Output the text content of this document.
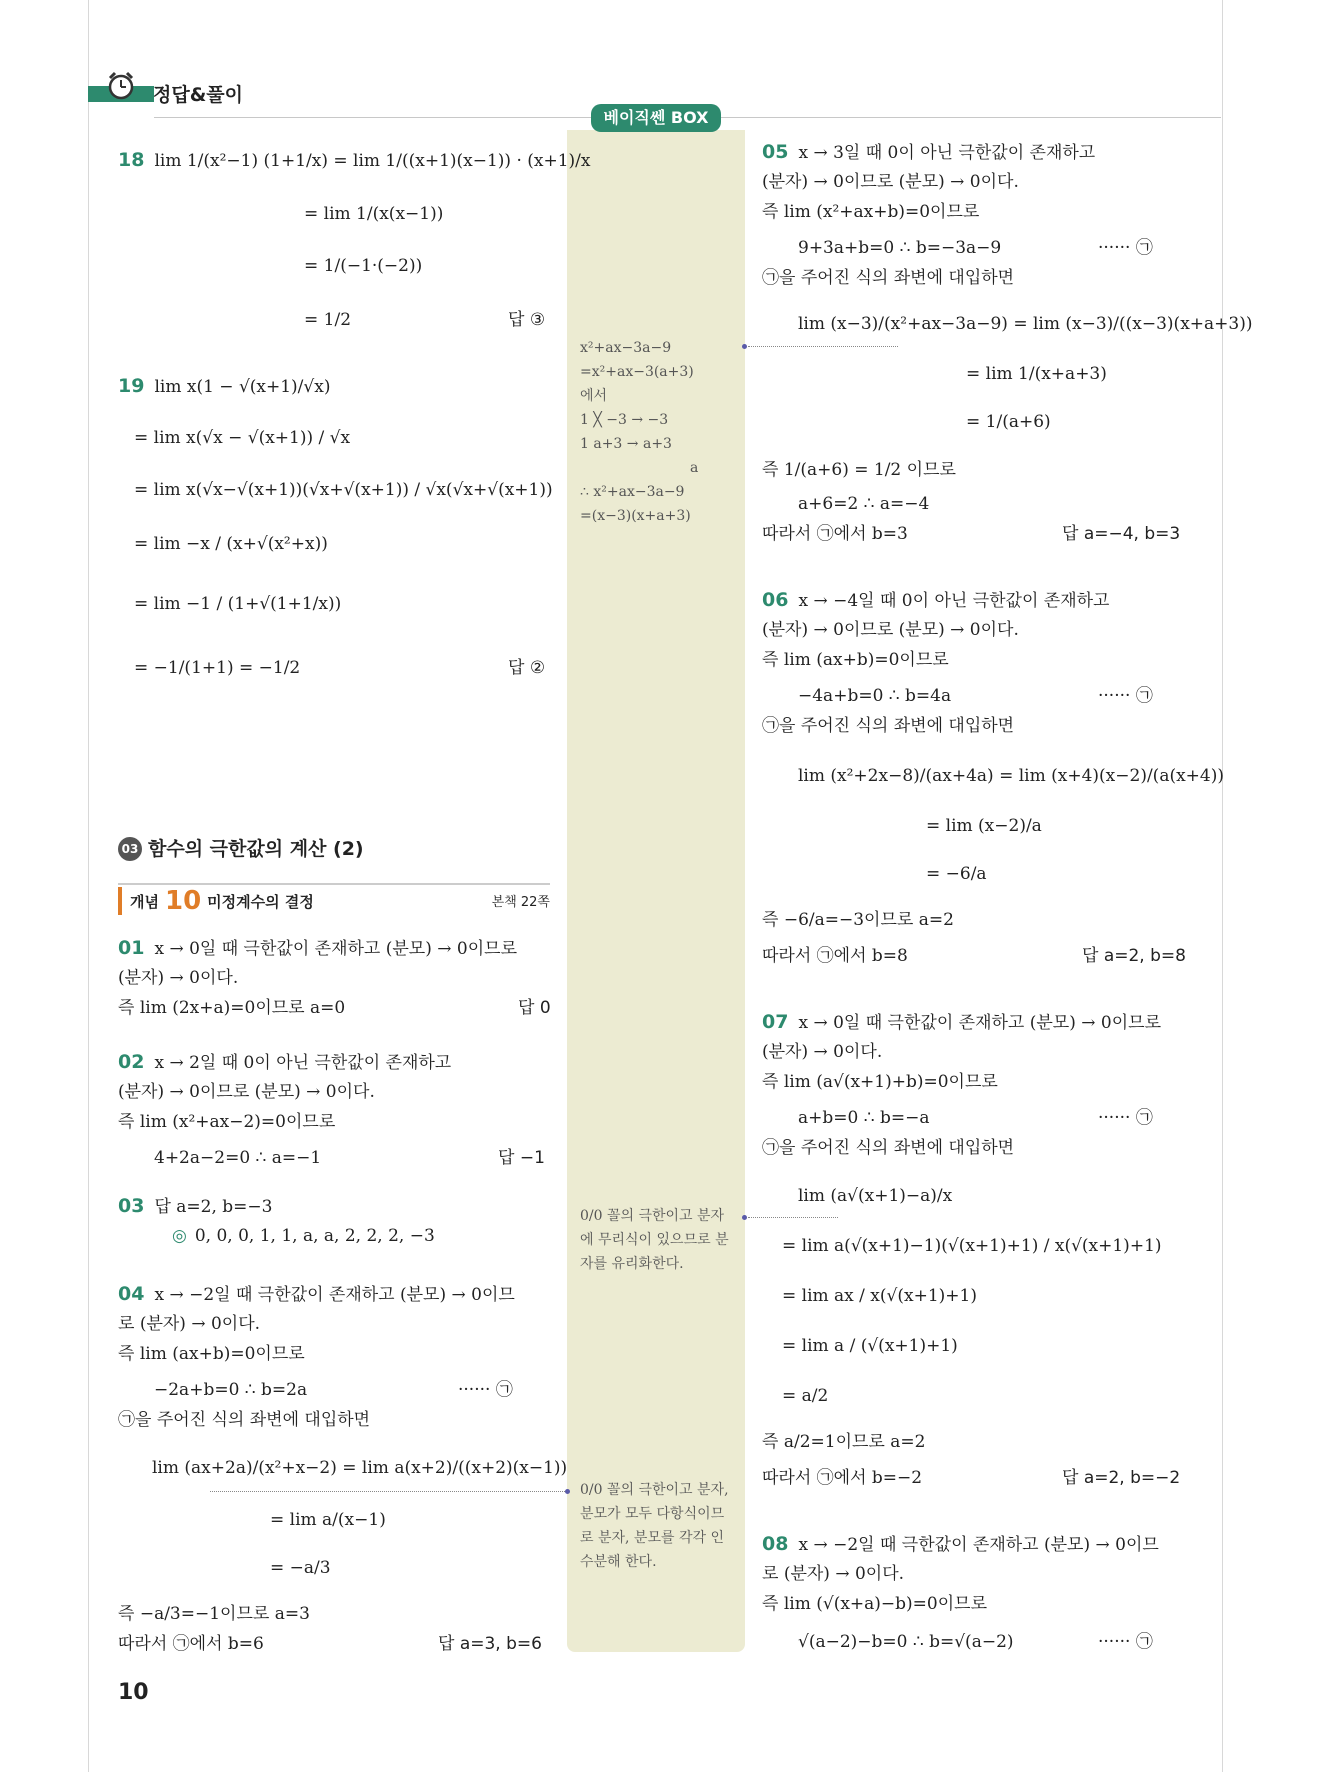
정답&풀이
베이직쎈 BOX
x²+ax−3a−9
=x²+ax−3(a+3)
에서
1 ╳ −3 → −3
1 a+3 → a+3
a
∴ x²+ax−3a−9
=(x−3)(x+a+3)
0/0 꼴의 극한이고 분자
에 무리식이 있으므로 분
자를 유리화한다.
0/0 꼴의 극한이고 분자,
분모가 모두 다항식이므
로 분자, 분모를 각각 인
수분해 한다.
18 lim 1/(x²−1) (1+1/x) = lim 1/((x+1)(x−1)) · (x+1)/x
= lim 1/(x(x−1))
= 1/(−1·(−2))
= 1/2	답 ③
19 lim x(1 − √(x+1)/√x)
= lim x(√x − √(x+1)) / √x
= lim x(√x−√(x+1))(√x+√(x+1)) / √x(√x+√(x+1))
= lim −x / (x+√(x²+x))
= lim −1 / (1+√(1+1/x))
= −1/(1+1) = −1/2	답 ②
03 함수의 극한값의 계산 (2)
개념 10 미정계수의 결정	본책 22쪽
01 x → 0일 때 극한값이 존재하고 (분모) → 0이므로
(분자) → 0이다.
즉 lim (2x+a)=0이므로 a=0	답 0
02 x → 2일 때 0이 아닌 극한값이 존재하고
(분자) → 0이므로 (분모) → 0이다.
즉 lim (x²+ax−2)=0이므로
4+2a−2=0 ∴ a=−1	답 −1
03 답 a=2, b=−3
◎ 0, 0, 0, 1, 1, a, a, 2, 2, 2, −3
04 x → −2일 때 극한값이 존재하고 (분모) → 0이므
로 (분자) → 0이다.
즉 lim (ax+b)=0이므로
−2a+b=0 ∴ b=2a	······ ㉠
㉠을 주어진 식의 좌변에 대입하면
lim (ax+2a)/(x²+x−2) = lim a(x+2)/((x+2)(x−1))
= lim a/(x−1)
= −a/3
즉 −a/3=−1이므로 a=3
따라서 ㉠에서 b=6	답 a=3, b=6
05 x → 3일 때 0이 아닌 극한값이 존재하고
(분자) → 0이므로 (분모) → 0이다.
즉 lim (x²+ax+b)=0이므로
9+3a+b=0 ∴ b=−3a−9	······ ㉠
㉠을 주어진 식의 좌변에 대입하면
lim (x−3)/(x²+ax−3a−9) = lim (x−3)/((x−3)(x+a+3))
= lim 1/(x+a+3)
= 1/(a+6)
즉 1/(a+6) = 1/2 이므로
a+6=2 ∴ a=−4
따라서 ㉠에서 b=3	답 a=−4, b=3
06 x → −4일 때 0이 아닌 극한값이 존재하고
(분자) → 0이므로 (분모) → 0이다.
즉 lim (ax+b)=0이므로
−4a+b=0 ∴ b=4a	······ ㉠
㉠을 주어진 식의 좌변에 대입하면
lim (x²+2x−8)/(ax+4a) = lim (x+4)(x−2)/(a(x+4))
= lim (x−2)/a
= −6/a
즉 −6/a=−3이므로 a=2
따라서 ㉠에서 b=8	답 a=2, b=8
07 x → 0일 때 극한값이 존재하고 (분모) → 0이므로
(분자) → 0이다.
즉 lim (a√(x+1)+b)=0이므로
a+b=0 ∴ b=−a	······ ㉠
㉠을 주어진 식의 좌변에 대입하면
lim (a√(x+1)−a)/x
= lim a(√(x+1)−1)(√(x+1)+1) / x(√(x+1)+1)
= lim ax / x(√(x+1)+1)
= lim a / (√(x+1)+1)
= a/2
즉 a/2=1이므로 a=2
따라서 ㉠에서 b=−2	답 a=2, b=−2
08 x → −2일 때 극한값이 존재하고 (분모) → 0이므
로 (분자) → 0이다.
즉 lim (√(x+a)−b)=0이므로
√(a−2)−b=0 ∴ b=√(a−2)	······ ㉠
10
